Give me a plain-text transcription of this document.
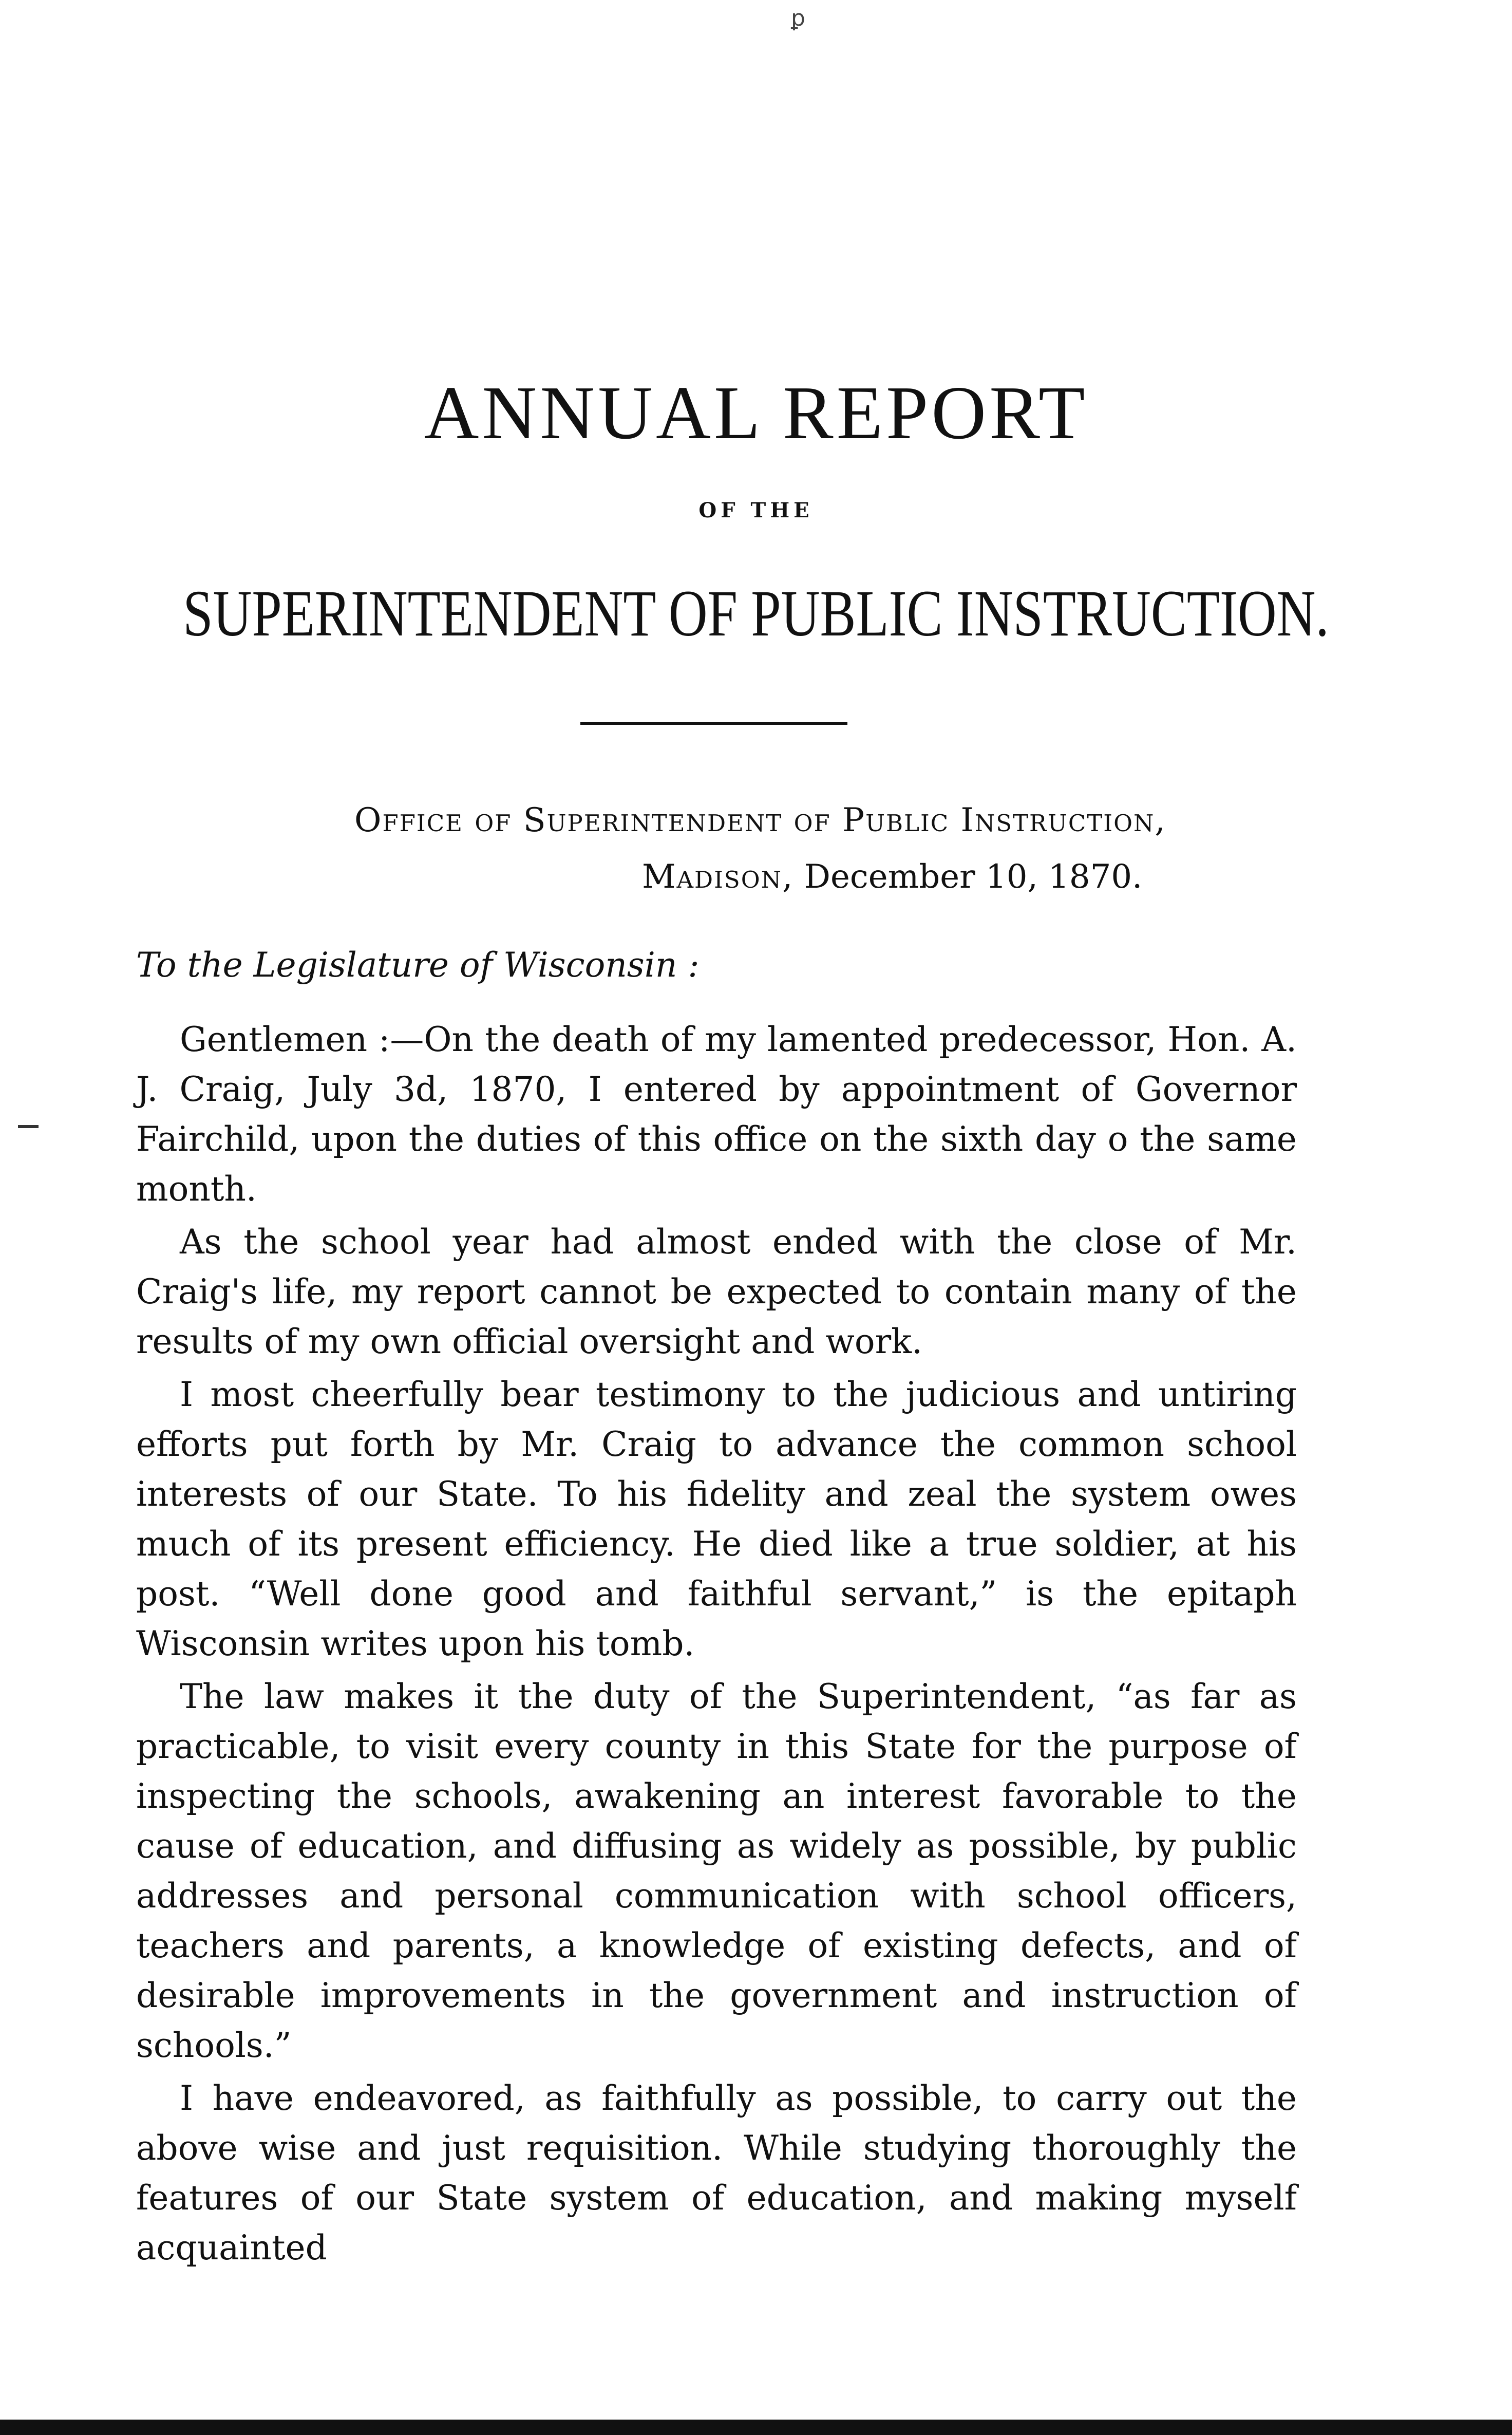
ꝑ
ANNUAL REPORT
OF THE
SUPERINTENDENT OF PUBLIC INSTRUCTION.
Office of Superintendent of Public Instruction,
Madison, December 10, 1870.
To the Legislature of Wisconsin :

Gentlemen :—On the death of my lamented predecessor, Hon. A. J. Craig, July 3d, 1870, I entered by appointment of Governor Fairchild, upon the duties of this office on the sixth day o the same month.

As the school year had almost ended with the close of Mr. Craig's life, my report cannot be expected to contain many of the results of my own official oversight and work.

I most cheerfully bear testimony to the judicious and untiring efforts put forth by Mr. Craig to advance the common school interests of our State. To his fidelity and zeal the system owes much of its present efficiency. He died like a true soldier, at his post. “Well done good and faithful servant,” is the epitaph Wisconsin writes upon his tomb.

The law makes it the duty of the Superintendent, “as far as practicable, to visit every county in this State for the purpose of inspecting the schools, awakening an interest favorable to the cause of education, and diffusing as widely as possible, by public addresses and personal communication with school officers, teachers and parents, a knowledge of existing defects, and of desirable improvements in the government and instruction of schools.”

I have endeavored, as faithfully as possible, to carry out the above wise and just requisition. While studying thoroughly the features of our State system of education, and making myself acquainted
